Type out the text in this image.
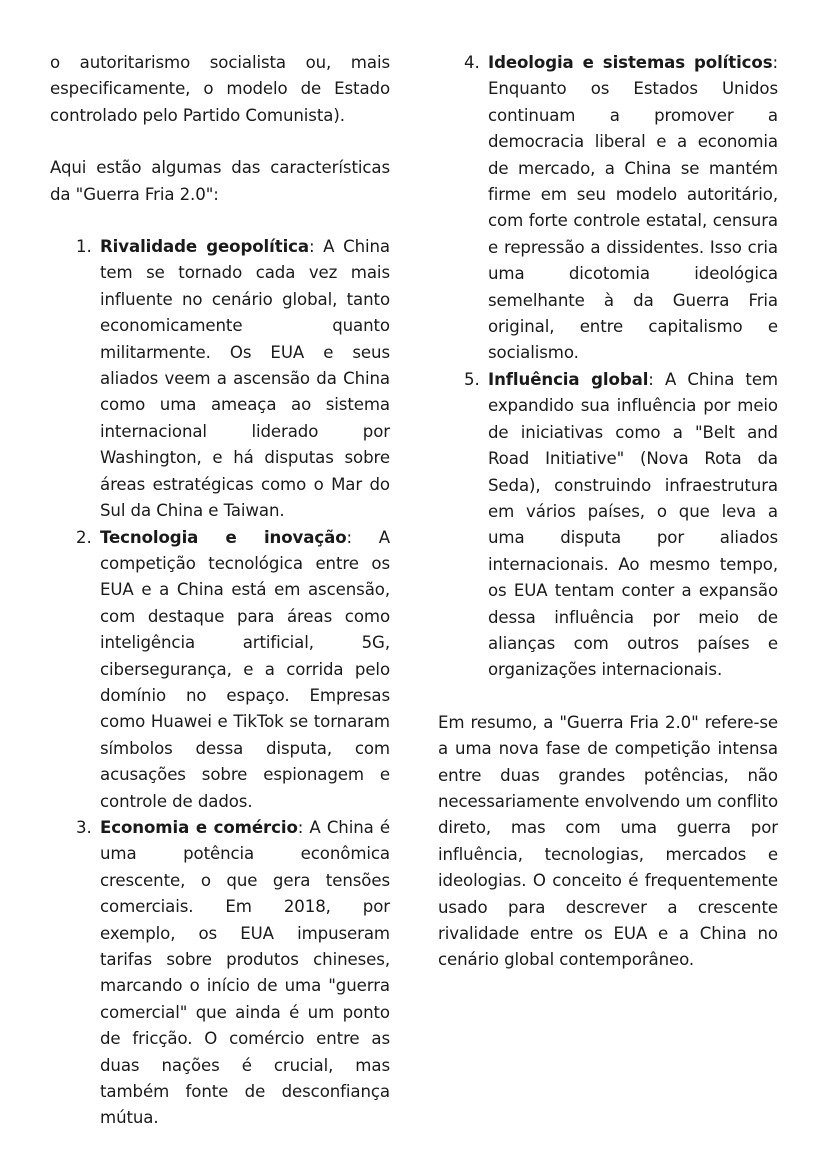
o autoritarismo socialista ou, mais especificamente, o modelo de Estado controlado pelo Partido Comunista).

Aqui estão algumas das características da "Guerra Fria 2.0":

1. Rivalidade geopolítica: A China tem se tornado cada vez mais influente no cenário global, tanto economicamente quanto militarmente. Os EUA e seus aliados veem a ascensão da China como uma ameaça ao sistema internacional liderado por Washington, e há disputas sobre áreas estratégicas como o Mar do Sul da China e Taiwan.
2. Tecnologia e inovação: A competição tecnológica entre os EUA e a China está em ascensão, com destaque para áreas como inteligência artificial, 5G, cibersegurança, e a corrida pelo domínio no espaço. Empresas como Huawei e TikTok se tornaram símbolos dessa disputa, com acusações sobre espionagem e controle de dados.
3. Economia e comércio: A China é uma potência econômica crescente, o que gera tensões comerciais. Em 2018, por exemplo, os EUA impuseram tarifas sobre produtos chineses, marcando o início de uma "guerra comercial" que ainda é um ponto de fricção. O comércio entre as duas nações é crucial, mas também fonte de desconfiança mútua.
4. Ideologia e sistemas políticos: Enquanto os Estados Unidos continuam a promover a democracia liberal e a economia de mercado, a China se mantém firme em seu modelo autoritário, com forte controle estatal, censura e repressão a dissidentes. Isso cria uma dicotomia ideológica semelhante à da Guerra Fria original, entre capitalismo e socialismo.
5. Influência global: A China tem expandido sua influência por meio de iniciativas como a "Belt and Road Initiative" (Nova Rota da Seda), construindo infraestrutura em vários países, o que leva a uma disputa por aliados internacionais. Ao mesmo tempo, os EUA tentam conter a expansão dessa influência por meio de alianças com outros países e organizações internacionais.

Em resumo, a "Guerra Fria 2.0" refere-se a uma nova fase de competição intensa entre duas grandes potências, não necessariamente envolvendo um conflito direto, mas com uma guerra por influência, tecnologias, mercados e ideologias. O conceito é frequentemente usado para descrever a crescente rivalidade entre os EUA e a China no cenário global contemporâneo.
